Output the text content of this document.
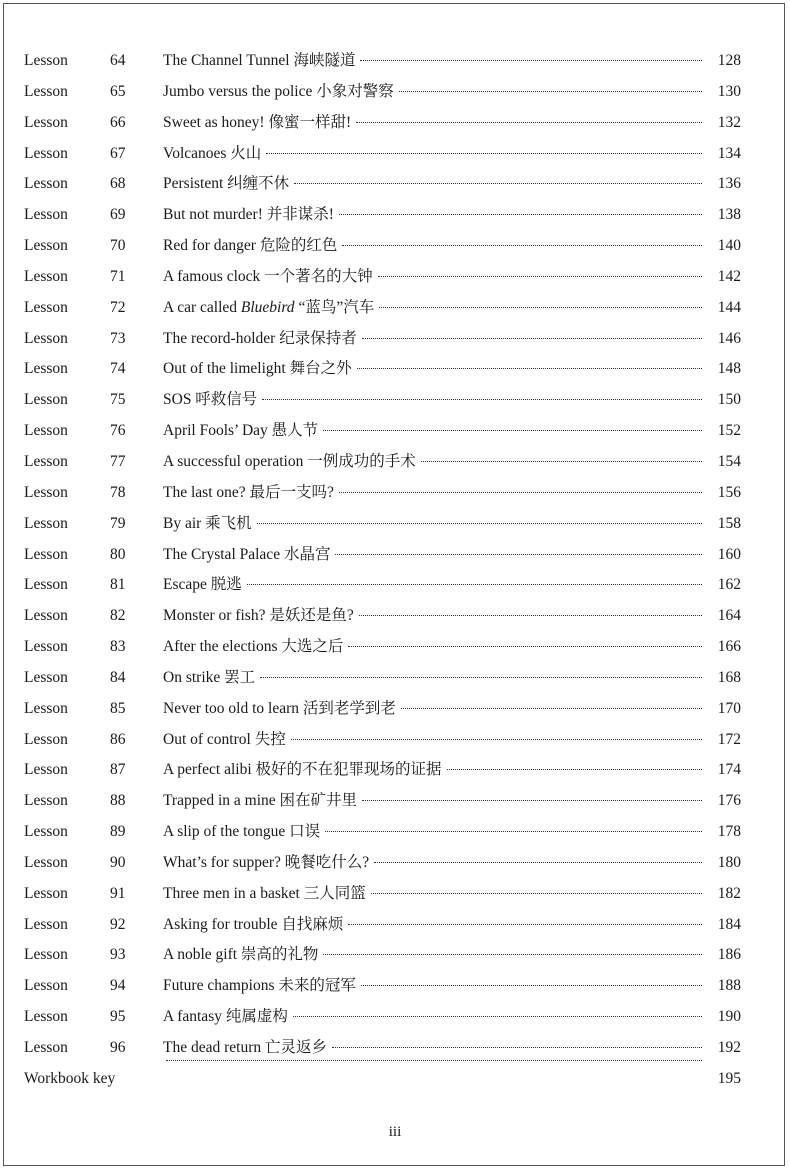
Lesson	64 The Channel Tunnel 海峡隧道	128
Lesson	65 Jumbo versus the police 小象对警察	130
Lesson	66 Sweet as honey! 像蜜一样甜!	132
Lesson	67 Volcanoes 火山	134
Lesson	68 Persistent 纠缠不休	136
Lesson	69 But not murder! 并非谋杀!	138
Lesson	70 Red for danger 危险的红色	140
Lesson	71 A famous clock 一个著名的大钟	142
Lesson	72 A car called Bluebird “蓝鸟”汽车	144
Lesson	73 The record-holder 纪录保持者	146
Lesson	74 Out of the limelight 舞台之外	148
Lesson	75 SOS 呼救信号	150
Lesson	76 April Fools’ Day 愚人节	152
Lesson	77 A successful operation 一例成功的手术	154
Lesson	78 The last one? 最后一支吗?	156
Lesson	79 By air 乘飞机	158
Lesson	80 The Crystal Palace 水晶宫	160
Lesson	81 Escape 脱逃	162
Lesson	82 Monster or fish? 是妖还是鱼?	164
Lesson	83 After the elections 大选之后	166
Lesson	84 On strike 罢工	168
Lesson	85 Never too old to learn 活到老学到老	170
Lesson	86 Out of control 失控	172
Lesson	87 A perfect alibi 极好的不在犯罪现场的证据	174
Lesson	88 Trapped in a mine 困在矿井里	176
Lesson	89 A slip of the tongue 口误	178
Lesson	90 What’s for supper? 晚餐吃什么?	180
Lesson	91 Three men in a basket 三人同篮	182
Lesson	92 Asking for trouble 自找麻烦	184
Lesson	93 A noble gift 崇高的礼物	186
Lesson	94 Future champions 未来的冠军	188
Lesson	95 A fantasy 纯属虚构	190
Lesson	96 The dead return 亡灵返乡	192
Workbook key	195
iii
